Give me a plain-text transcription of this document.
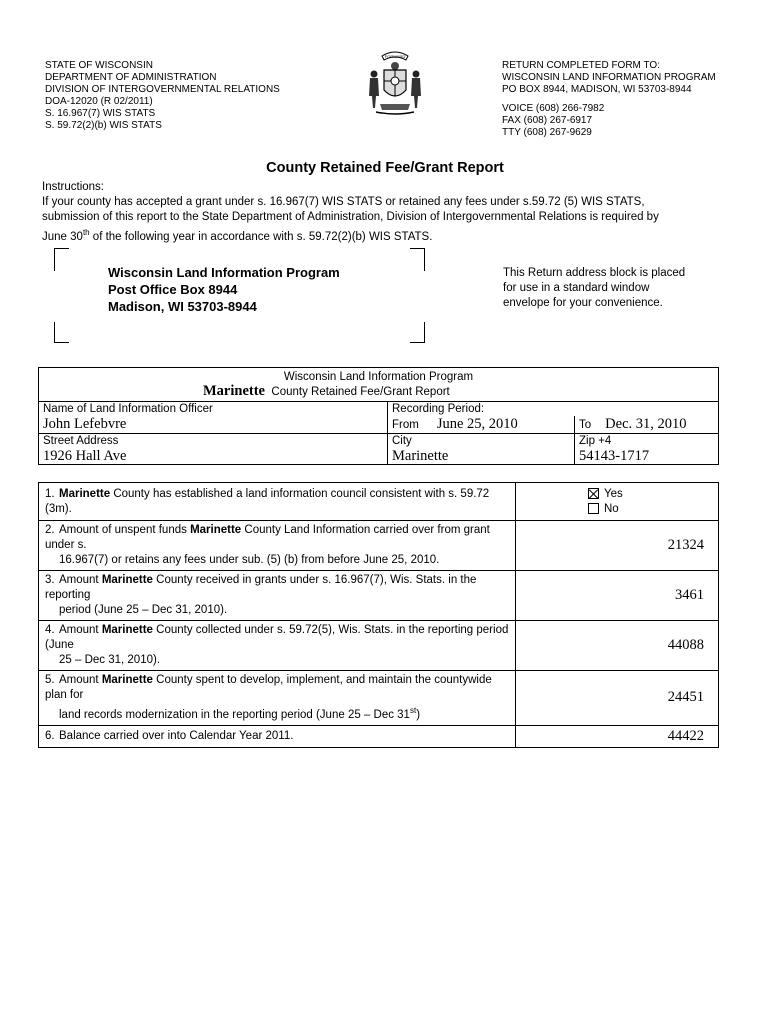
STATE OF WISCONSIN
DEPARTMENT OF ADMINISTRATION
DIVISION OF INTERGOVERNMENTAL RELATIONS
DOA-12020 (R 02/2011)
S. 16.967(7) WIS STATS
S. 59.72(2)(b) WIS STATS
FORWARD
RETURN COMPLETED FORM TO:
WISCONSIN LAND INFORMATION PROGRAM
PO BOX 8944, MADISON, WI 53703-8944
VOICE (608) 266-7982
FAX (608) 267-6917
TTY (608) 267-9629
County Retained Fee/Grant Report
Instructions:
If your county has accepted a grant under s. 16.967(7) WIS STATS or retained any fees under s.59.72 (5) WIS STATS,
submission of this report to the State Department of Administration, Division of Intergovernmental Relations is required by
June 30th of the following year in accordance with s. 59.72(2)(b) WIS STATS.
Wisconsin Land Information Program
Post Office Box 8944
Madison, WI 53703-8944
This Return address block is placed
for use in a standard window
envelope for your convenience.
Wisconsin Land Information Program
Marinette County Retained Fee/Grant Report		

Name of Land Information Officer	Recording Period:	
John Lefebvre	From June 25, 2010	To Dec. 31, 2010
Street Address	City	Zip +4
1926 Hall Ave	Marinette	54143-1717
1. Marinette County has established a land information council consistent with s. 59.72 (3m).	Yes
No

2. Amount of unspent funds Marinette County Land Information carried over from grant under s.
16.967(7) or retains any fees under sub. (5) (b) from before June 25, 2010.	21324

3. Amount Marinette County received in grants under s. 16.967(7), Wis. Stats. in the reporting
period (June 25 – Dec 31, 2010).	3461

4. Amount Marinette County collected under s. 59.72(5), Wis. Stats. in the reporting period (June
25 – Dec 31, 2010).	44088

5. Amount Marinette County spent to develop, implement, and maintain the countywide plan for
land records modernization in the reporting period (June 25 – Dec 31st)	24451
6. Balance carried over into Calendar Year 2011.	44422
